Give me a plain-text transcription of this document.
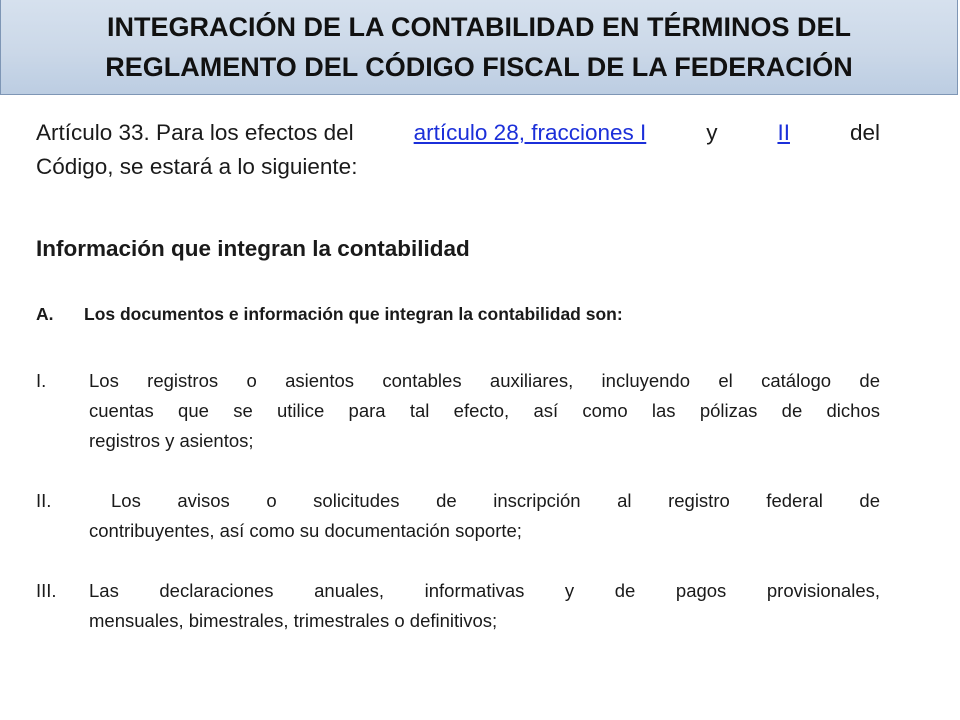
INTEGRACIÓN DE LA CONTABILIDAD EN TÉRMINOS DEL
REGLAMENTO DEL CÓDIGO FISCAL DE LA FEDERACIÓN
Artículo 33. Para los efectos del	artículo 28, fracciones I	y	II	del
Código, se estará a lo siguiente:
Información que integran la contabilidad
A.	Los documentos e información que integran la contabilidad son:
I.	Los registros o asientos contables auxiliares, incluyendo el catálogo de
cuentas que se utilice para tal efecto, así como las pólizas de dichos
registros y asientos;
II.	Los avisos o solicitudes de inscripción al registro federal de
contribuyentes, así como su documentación soporte;
III.	Las declaraciones anuales, informativas y de pagos provisionales,
mensuales, bimestrales, trimestrales o definitivos;
